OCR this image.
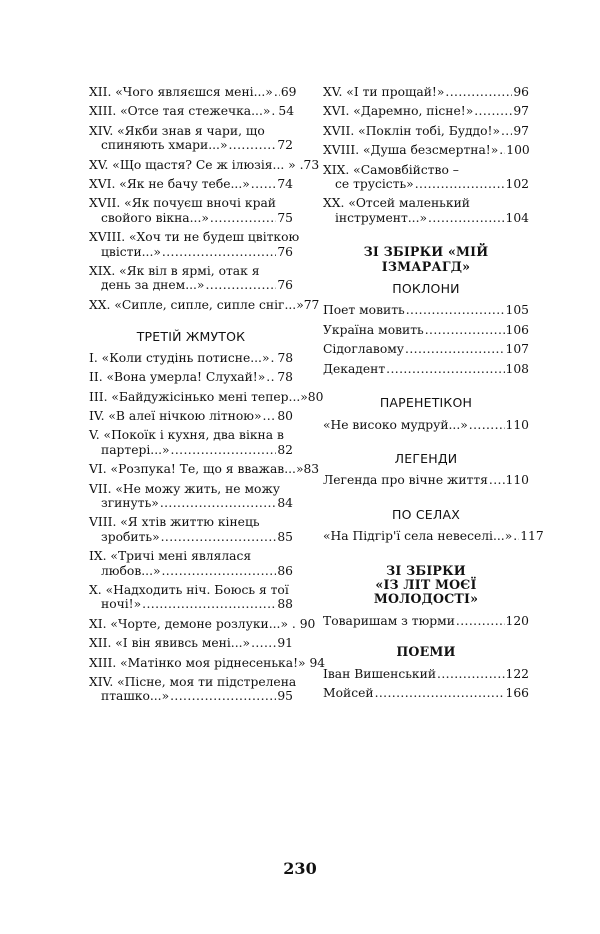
XII. «Чого являєшся мені...» ..... 69
XIII. «Отсе тая стежечка...» ..... 54
XIV. «Якби знав я чари, що
спиняють хмари...» .....	72
XV. «Що щастя? Се ж ілюзія... » .73
XVI. «Як не бачу тебе...» ..... 74
XVII. «Як почуєш вночі край
свойого вікна...» .....	75
XVIII. «Хоч ти не будеш цвіткою
цвісти...» .....	76
XIX. «Як віл в ярмі, отак я
день за днем...» .....	76
XX. «Сипле, сипле, сипле сніг...»77

ТРЕТІЙ ЖМУТОК

I. «Коли студінь потисне...» ..... 78
II. «Вона умерла! Слухай!» ..... 78
III. «Байдужісінько мені тепер...»80
IV. «В алеї нічкою літною» ..... 80
V. «Покоїк і кухня, два вікна в
партері...» .....	82
VI. «Розпука! Те, що я вважав...»83
VII. «Не можу жить, не можу
згинуть» .....	84
VIII. «Я хтів життю кінець
зробить» .....	85
IX. «Тричі мені являлася
любов...» .....	86
X. «Надходить ніч. Боюсь я тої
ночі!» .....	88
XI. «Чорте, демоне розлуки...» . 90
XII. «І він явивсь мені...» ..... 91
XIII. «Матінко моя ріднесенька!» 94
XIV. «Пісне, моя ти підстрелена
пташко...» .....	95
XV. «І ти прощай!» .....	96
XVI. «Даремно, пісне!» .....	97
XVII. «Поклін тобі, Буддо!» ..... 97
XVIII. «Душа безсмертна!» ..... 100
XIX. «Самовбійство –
се трусість» .....	102
XX. «Отсей маленький
інструмент...» .....	104

ЗІ ЗБІРКИ «МІЙ ІЗМАРАГД»

ПОКЛОНИ

Поет мовить .....	105
Україна мовить .....	106
Сідоглавому .....	107
Декадент .....	108

ПАРЕНЕТІКОН

«Не високо мудруй...» .....	110

ЛЕГЕНДИ

Легенда про вічне життя ..... 110

ПО СЕЛАХ

«На Підгір'ї села невеселі...» ..... 117

ЗІ ЗБІРКИ

«ІЗ ЛІТ МОЄЇ МОЛОДОСТІ»

Товаришам з тюрми .....	120

ПОЕМИ

Іван Вишенський .....	122
Мойсей .....	166
230
